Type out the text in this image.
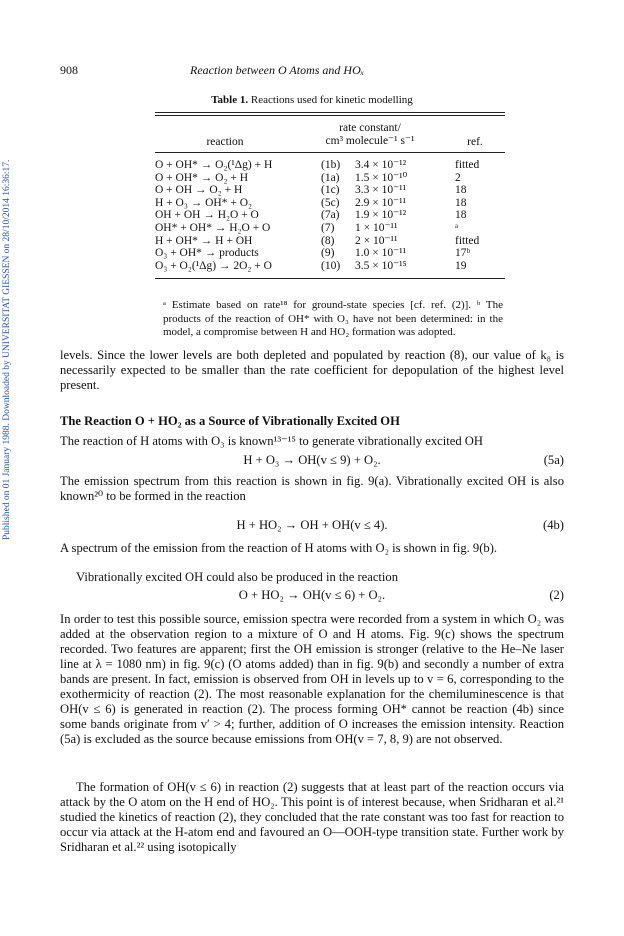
Published on 01 January 1988. Downloaded by UNIVERSITAT GIESSEN on 28/10/2014 16:36:17.
908	Reaction between O Atoms and HOₓ
Table 1. Reactions used for kinetic modelling
reaction
rate constant/
cm³ molecule⁻¹ s⁻¹	ref.
O + OH* → O₂(¹Δg) + H	(1b)	3.4 × 10⁻¹²	fitted
O + OH* → O₂ + H	(1a)	1.5 × 10⁻¹⁰	2
O + OH → O₂ + H	(1c)	3.3 × 10⁻¹¹	18
H + O₃ → OH* + O₂	(5c)	2.9 × 10⁻¹¹	18
OH + OH → H₂O + O	(7a)	1.9 × 10⁻¹²	18
OH* + OH* → H₂O + O	(7)	1 × 10⁻¹¹	ᵃ
H + OH* → H + OH	(8)	2 × 10⁻¹¹	fitted
O₃ + OH* → products	(9)	1.0 × 10⁻¹¹	17ᵇ
O₃ + O₂(¹Δg) → 2O₂ + O	(10)	3.5 × 10⁻¹⁵	19
ᵃ Estimate based on rate¹⁸ for ground-state species [cf. ref. (2)]. ᵇ The products of the reaction of OH* with O₃ have not been determined: in the model, a compromise between H and HO₂ formation was adopted.
levels. Since the lower levels are both depleted and populated by reaction (8), our value of k₈ is necessarily expected to be smaller than the rate coefficient for depopulation of the highest level present.
The Reaction O + HO₂ as a Source of Vibrationally Excited OH
The reaction of H atoms with O₃ is known¹³⁻¹⁵ to generate vibrationally excited OH
H + O₃ → OH(v ≤ 9) + O₂.	(5a)
The emission spectrum from this reaction is shown in fig. 9(a). Vibrationally excited OH is also known²⁰ to be formed in the reaction
H + HO₂ → OH + OH(v ≤ 4).	(4b)
A spectrum of the emission from the reaction of H atoms with O₂ is shown in fig. 9(b).
Vibrationally excited OH could also be produced in the reaction
O + HO₂ → OH(v ≤ 6) + O₂.	(2)
In order to test this possible source, emission spectra were recorded from a system in which O₂ was added at the observation region to a mixture of O and H atoms. Fig. 9(c) shows the spectrum recorded. Two features are apparent; first the OH emission is stronger (relative to the He–Ne laser line at λ = 1080 nm) in fig. 9(c) (O atoms added) than in fig. 9(b) and secondly a number of extra bands are present. In fact, emission is observed from OH in levels up to v = 6, corresponding to the exothermicity of reaction (2). The most reasonable explanation for the chemiluminescence is that OH(v ≤ 6) is generated in reaction (2). The process forming OH* cannot be reaction (4b) since some bands originate from v′ > 4; further, addition of O increases the emission intensity. Reaction (5a) is excluded as the source because emissions from OH(v = 7, 8, 9) are not observed.
The formation of OH(v ≤ 6) in reaction (2) suggests that at least part of the reaction occurs via attack by the O atom on the H end of HO₂. This point is of interest because, when Sridharan et al.²¹ studied the kinetics of reaction (2), they concluded that the rate constant was too fast for reaction to occur via attack at the H-atom end and favoured an O—OOH-type transition state. Further work by Sridharan et al.²² using isotopically
